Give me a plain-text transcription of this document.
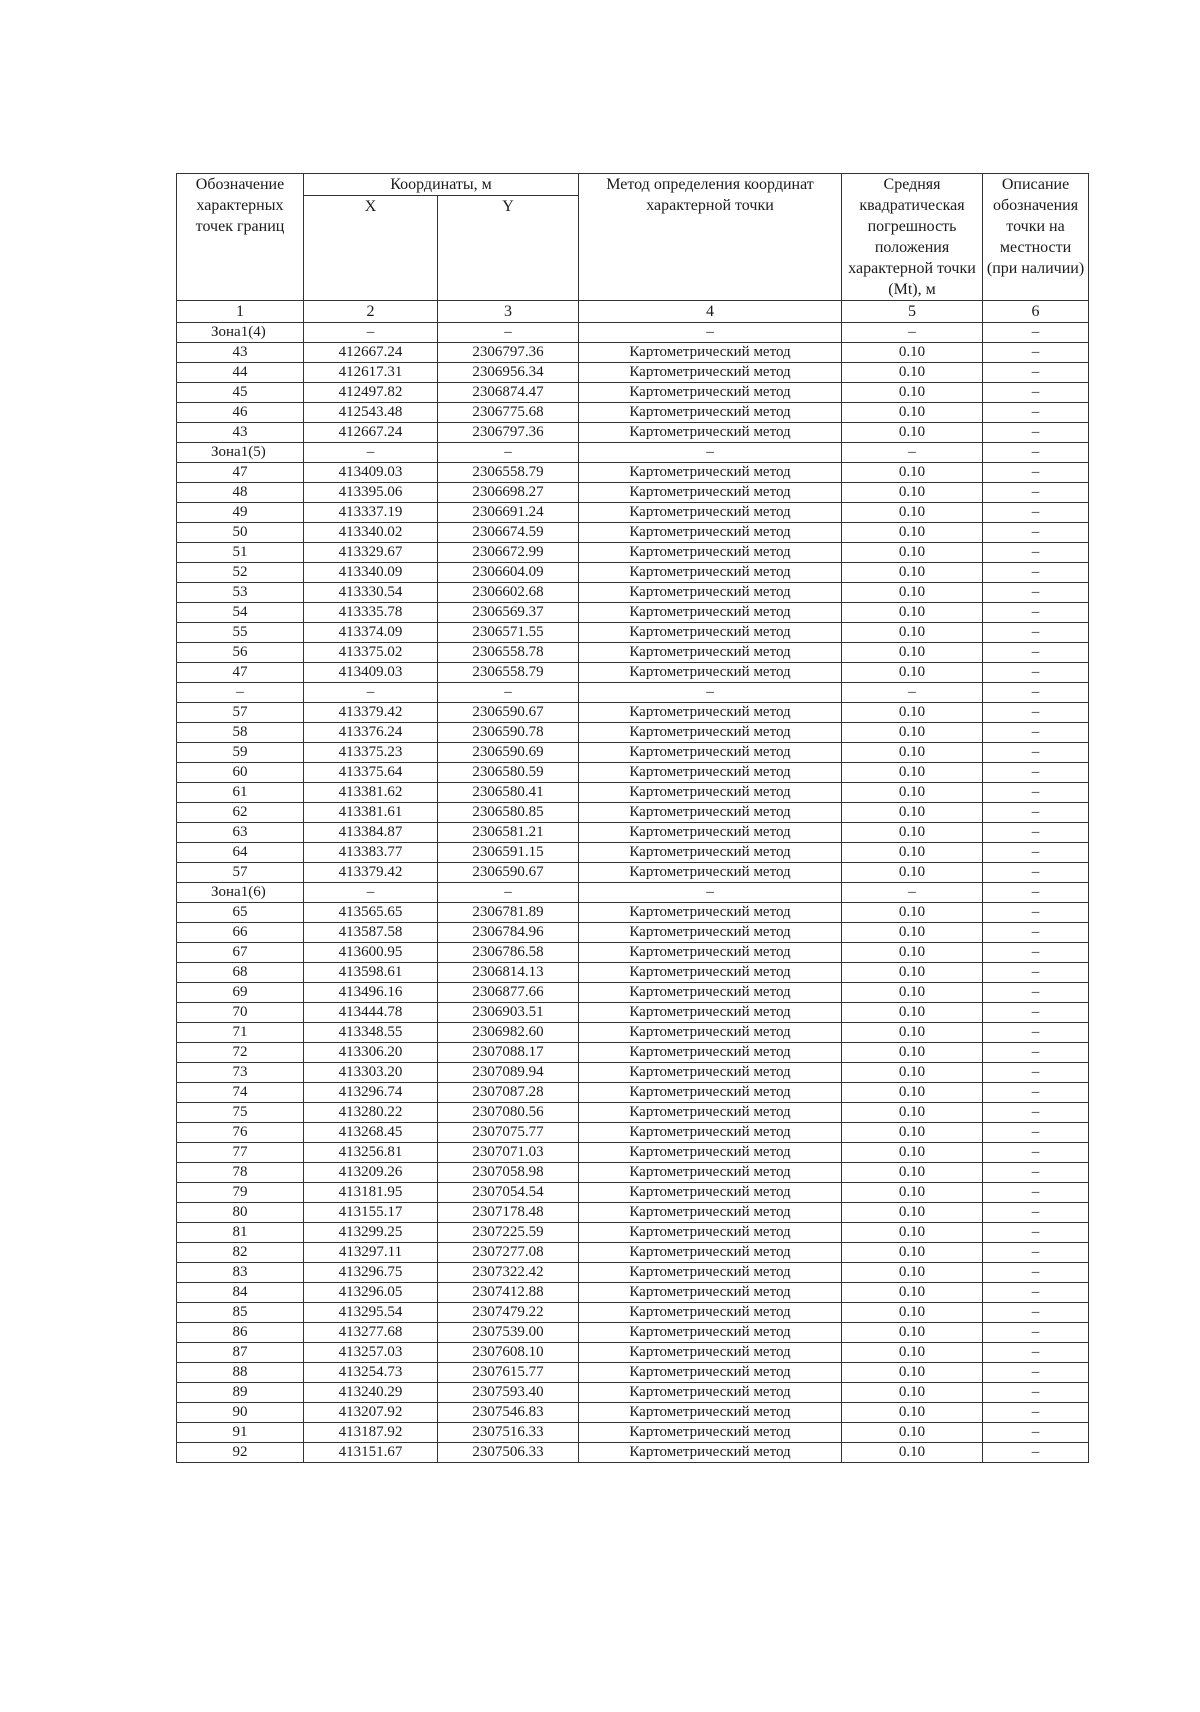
Обозначение характерных точек границ	Координаты, м		Метод определения координат характерной точки	Средняя квадратическая погрешность положения характерной точки (Mt), м	Описание обозначения точки на местности (при наличии)
	X	Y			
1	2	3	4	5	6
Зона1(4)	–	–	–	–	–
43	412667.24	2306797.36	Картометрический метод	0.10	–
44	412617.31	2306956.34	Картометрический метод	0.10	–
45	412497.82	2306874.47	Картометрический метод	0.10	–
46	412543.48	2306775.68	Картометрический метод	0.10	–
43	412667.24	2306797.36	Картометрический метод	0.10	–
Зона1(5)	–	–	–	–	–
47	413409.03	2306558.79	Картометрический метод	0.10	–
48	413395.06	2306698.27	Картометрический метод	0.10	–
49	413337.19	2306691.24	Картометрический метод	0.10	–
50	413340.02	2306674.59	Картометрический метод	0.10	–
51	413329.67	2306672.99	Картометрический метод	0.10	–
52	413340.09	2306604.09	Картометрический метод	0.10	–
53	413330.54	2306602.68	Картометрический метод	0.10	–
54	413335.78	2306569.37	Картометрический метод	0.10	–
55	413374.09	2306571.55	Картометрический метод	0.10	–
56	413375.02	2306558.78	Картометрический метод	0.10	–
47	413409.03	2306558.79	Картометрический метод	0.10	–
–	–	–	–	–	–
57	413379.42	2306590.67	Картометрический метод	0.10	–
58	413376.24	2306590.78	Картометрический метод	0.10	–
59	413375.23	2306590.69	Картометрический метод	0.10	–
60	413375.64	2306580.59	Картометрический метод	0.10	–
61	413381.62	2306580.41	Картометрический метод	0.10	–
62	413381.61	2306580.85	Картометрический метод	0.10	–
63	413384.87	2306581.21	Картометрический метод	0.10	–
64	413383.77	2306591.15	Картометрический метод	0.10	–
57	413379.42	2306590.67	Картометрический метод	0.10	–
Зона1(6)	–	–	–	–	–
65	413565.65	2306781.89	Картометрический метод	0.10	–
66	413587.58	2306784.96	Картометрический метод	0.10	–
67	413600.95	2306786.58	Картометрический метод	0.10	–
68	413598.61	2306814.13	Картометрический метод	0.10	–
69	413496.16	2306877.66	Картометрический метод	0.10	–
70	413444.78	2306903.51	Картометрический метод	0.10	–
71	413348.55	2306982.60	Картометрический метод	0.10	–
72	413306.20	2307088.17	Картометрический метод	0.10	–
73	413303.20	2307089.94	Картометрический метод	0.10	–
74	413296.74	2307087.28	Картометрический метод	0.10	–
75	413280.22	2307080.56	Картометрический метод	0.10	–
76	413268.45	2307075.77	Картометрический метод	0.10	–
77	413256.81	2307071.03	Картометрический метод	0.10	–
78	413209.26	2307058.98	Картометрический метод	0.10	–
79	413181.95	2307054.54	Картометрический метод	0.10	–
80	413155.17	2307178.48	Картометрический метод	0.10	–
81	413299.25	2307225.59	Картометрический метод	0.10	–
82	413297.11	2307277.08	Картометрический метод	0.10	–
83	413296.75	2307322.42	Картометрический метод	0.10	–
84	413296.05	2307412.88	Картометрический метод	0.10	–
85	413295.54	2307479.22	Картометрический метод	0.10	–
86	413277.68	2307539.00	Картометрический метод	0.10	–
87	413257.03	2307608.10	Картометрический метод	0.10	–
88	413254.73	2307615.77	Картометрический метод	0.10	–
89	413240.29	2307593.40	Картометрический метод	0.10	–
90	413207.92	2307546.83	Картометрический метод	0.10	–
91	413187.92	2307516.33	Картометрический метод	0.10	–
92	413151.67	2307506.33	Картометрический метод	0.10	–
